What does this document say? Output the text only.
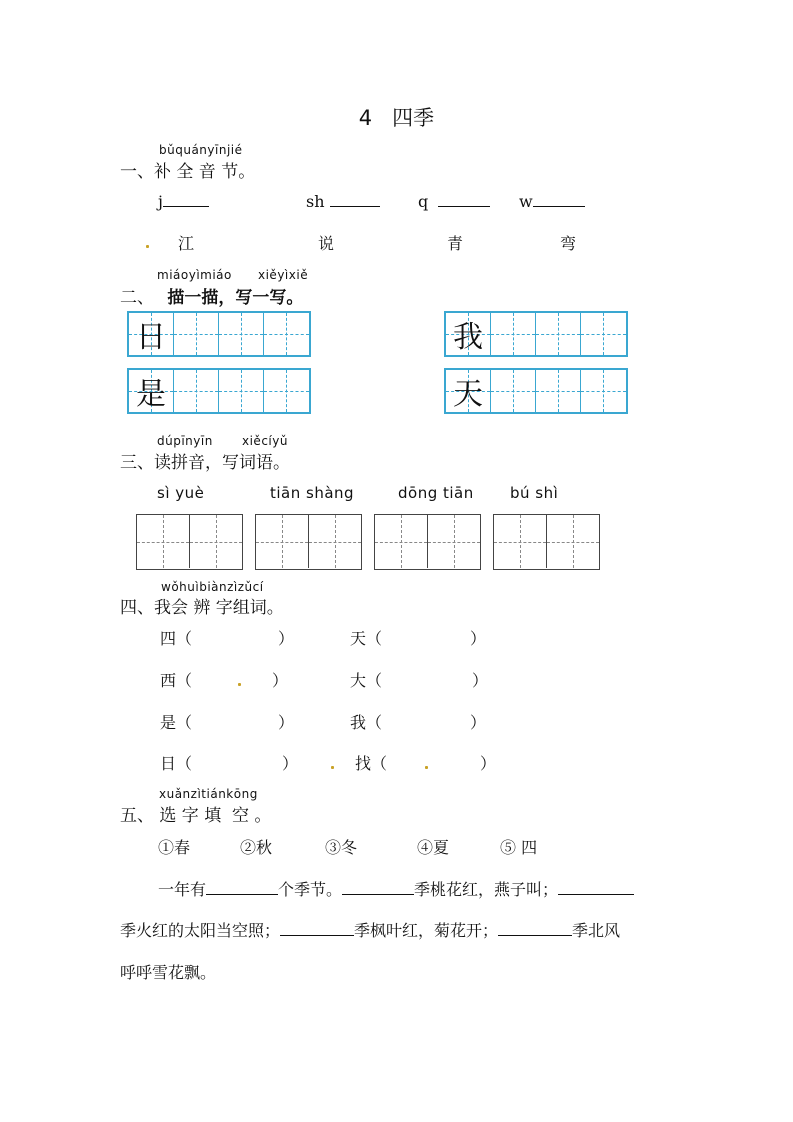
4   四季
bǔquányīnjié
一、补 全 音 节。
j	sh	q	w
江	说	青	弯
miáoyìmiáo xiěyìxiě
二、 描一描，写一写。
日
是
我
天
dúpīnyīn xiěcíyǔ
三、读拼音，写词语。
sì yuè	tiān shàng	dōng tiān bú shì
wǒhuìbiànzìzǔcí
四、我会 辨 字组词。
四（	）	天（	）
西（	）	大（	）
是（	）	我（	）
日（	）	找（	）
xuǎnzìtiánkōng
五、 选 字 填  空 。
①春	②秋	③冬	④夏	⑤ 四
一年有	个季节。	季桃花红，燕子叫；
季火红的太阳当空照；	季枫叶红，菊花开；	季北风
呼呼雪花飘。
